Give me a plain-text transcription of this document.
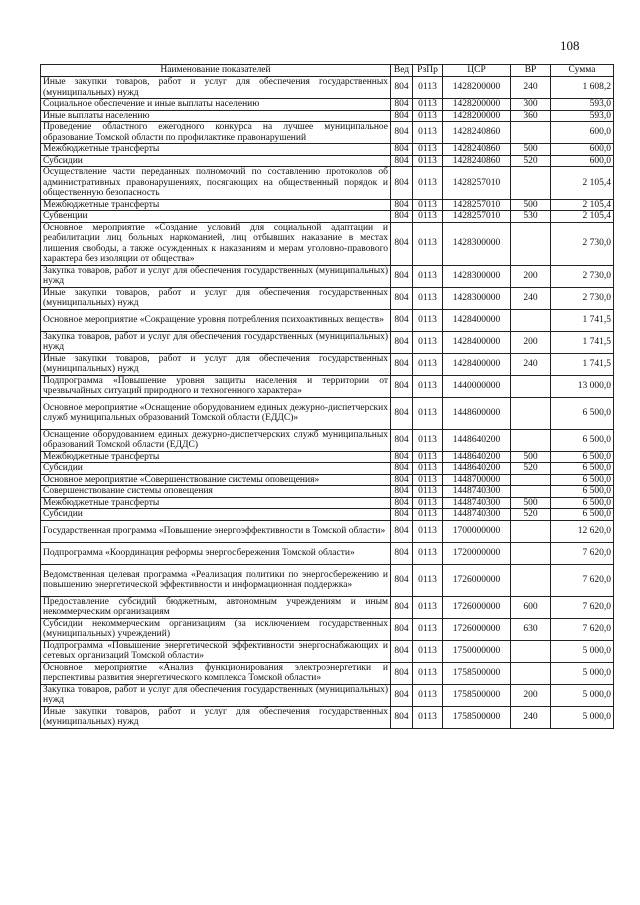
108
Наименование показателей	Вед	РзПр	ЦСР	ВР	Сумма
Иные закупки товаров, работ и услуг для обеспечения государственных (муниципальных) нужд	804	0113	1428200000	240	1 608,2
Социальное обеспечение и иные выплаты населению	804	0113	1428200000	300	593,0
Иные выплаты населению	804	0113	1428200000	360	593,0
Проведение областного ежегодного конкурса на лучшее муниципальное образование Томской области по профилактике правонарушений	804	0113	1428240860		600,0
Межбюджетные трансферты	804	0113	1428240860	500	600,0
Субсидии	804	0113	1428240860	520	600,0
Осуществление части переданных полномочий по составлению протоколов об административных правонарушениях, посягающих на общественный порядок и общественную безопасность	804	0113	1428257010		2 105,4
Межбюджетные трансферты	804	0113	1428257010	500	2 105,4
Субвенции	804	0113	1428257010	530	2 105,4
Основное мероприятие «Создание условий для социальной адаптации и реабилитации лиц больных наркоманией, лиц отбывших наказание в местах лишения свободы, а также осужденных к наказаниям и мерам уголовно-правового характера без изоляции от общества»	804	0113	1428300000		2 730,0
Закупка товаров, работ и услуг для обеспечения государственных (муниципальных) нужд	804	0113	1428300000	200	2 730,0
Иные закупки товаров, работ и услуг для обеспечения государственных (муниципальных) нужд	804	0113	1428300000	240	2 730,0
Основное мероприятие «Сокращение уровня потребления психоактивных веществ»	804	0113	1428400000		1 741,5
Закупка товаров, работ и услуг для обеспечения государственных (муниципальных) нужд	804	0113	1428400000	200	1 741,5
Иные закупки товаров, работ и услуг для обеспечения государственных (муниципальных) нужд	804	0113	1428400000	240	1 741,5
Подпрограмма «Повышение уровня защиты населения и территории от чрезвычайных ситуаций природного и техногенного характера»	804	0113	1440000000		13 000,0
Основное мероприятие «Оснащение оборудованием единых дежурно-диспетчерских служб муниципальных образований Томской области (ЕДДС)»	804	0113	1448600000		6 500,0
Оснащение оборудованием единых дежурно-диспетчерских служб муниципальных образований Томской области (ЕДДС)	804	0113	1448640200		6 500,0
Межбюджетные трансферты	804	0113	1448640200	500	6 500,0
Субсидии	804	0113	1448640200	520	6 500,0
Основное мероприятие «Совершенствование системы оповещения»	804	0113	1448700000		6 500,0
Совершенствование системы оповещения	804	0113	1448740300		6 500,0
Межбюджетные трансферты	804	0113	1448740300	500	6 500,0
Субсидии	804	0113	1448740300	520	6 500,0
Государственная программа «Повышение энергоэффективности в Томской области»	804	0113	1700000000		12 620,0
Подпрограмма «Координация реформы энергосбережения Томской области»	804	0113	1720000000		7 620,0
Ведомственная целевая программа «Реализация политики по энергосбережению и повышению энергетической эффективности и информационная поддержка»	804	0113	1726000000		7 620,0
Предоставление субсидий бюджетным, автономным учреждениям и иным некоммерческим организациям	804	0113	1726000000	600	7 620,0
Субсидии некоммерческим организациям (за исключением государственных (муниципальных) учреждений)	804	0113	1726000000	630	7 620,0
Подпрограмма «Повышение энергетической эффективности энергоснабжающих и сетевых организаций Томской области»	804	0113	1750000000		5 000,0
Основное мероприятие «Анализ функционирования электроэнергетики и перспективы развития энергетического комплекса Томской области»	804	0113	1758500000		5 000,0
Закупка товаров, работ и услуг для обеспечения государственных (муниципальных) нужд	804	0113	1758500000	200	5 000,0
Иные закупки товаров, работ и услуг для обеспечения государственных (муниципальных) нужд	804	0113	1758500000	240	5 000,0
